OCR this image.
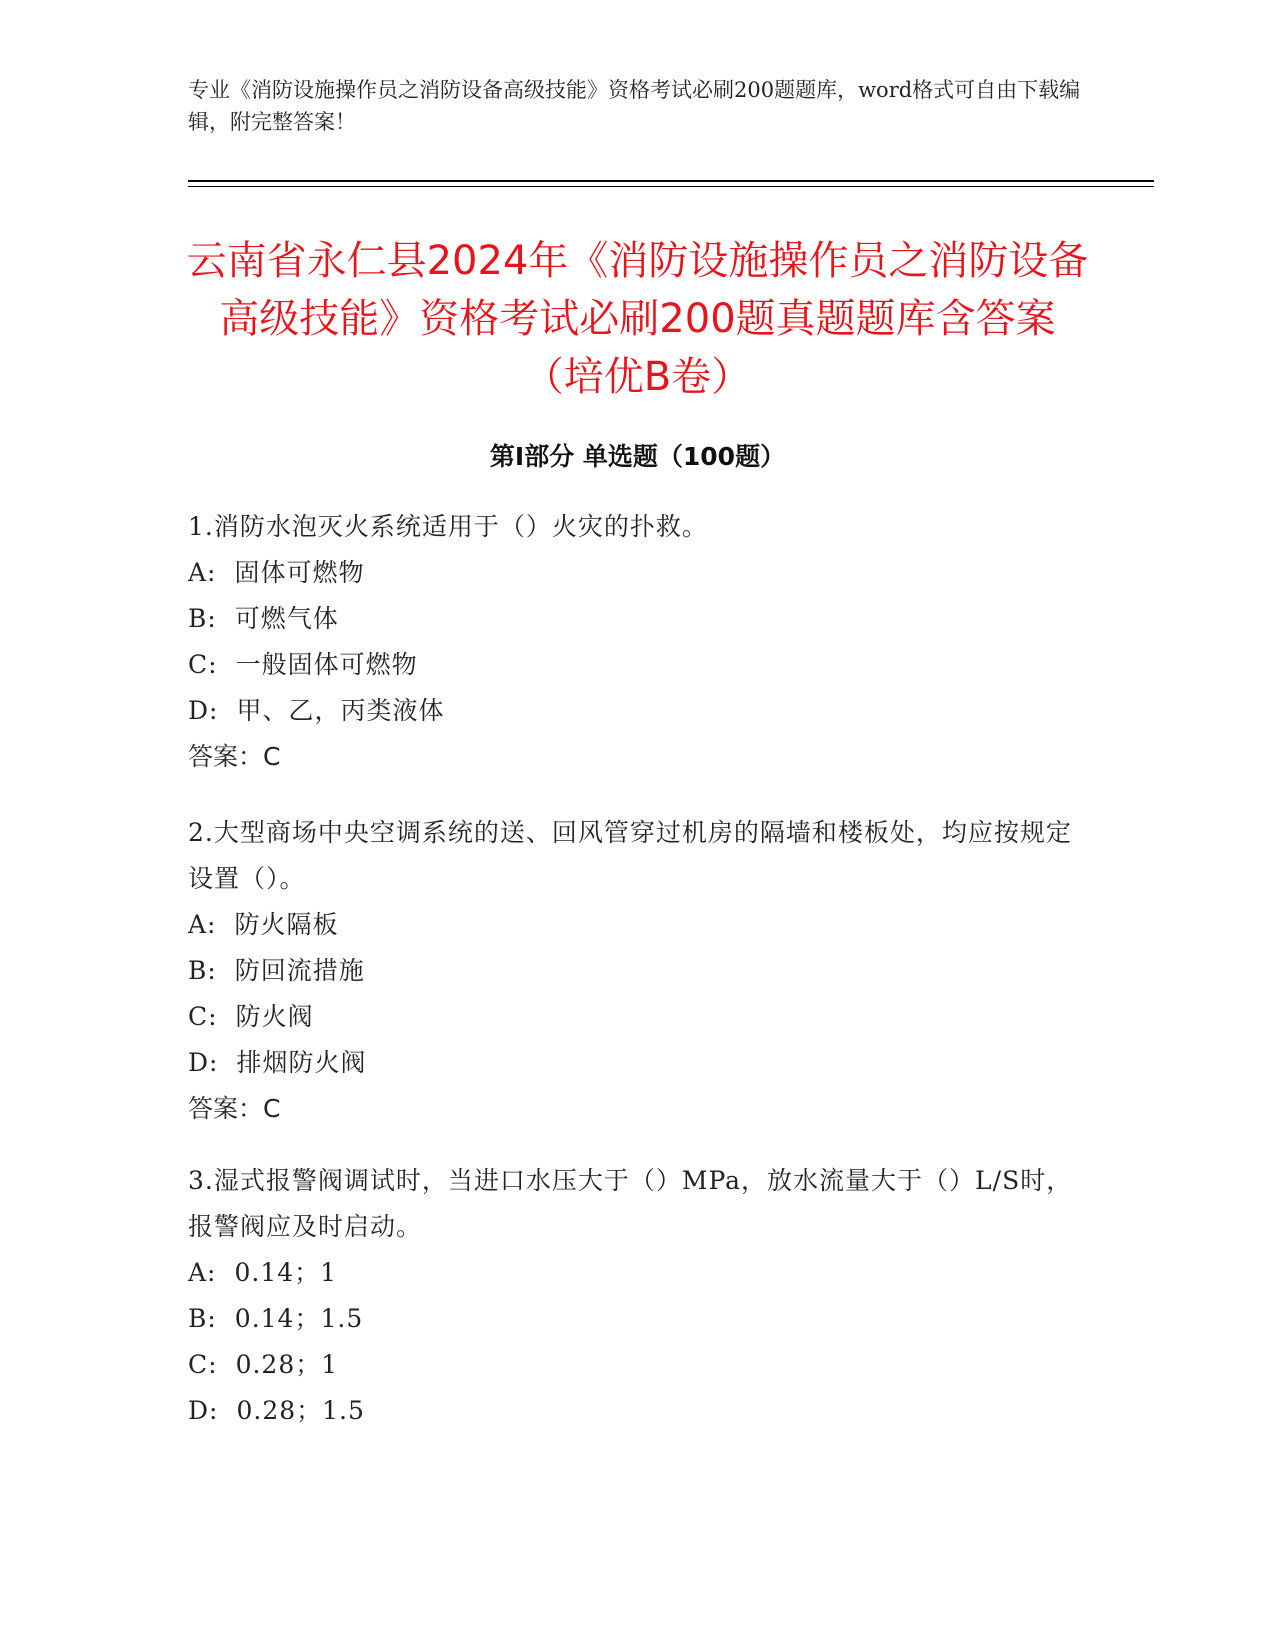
专业《消防设施操作员之消防设备高级技能》资格考试必刷200题题库，word格式可自由下载编辑，附完整答案！
云南省永仁县2024年《消防设施操作员之消防设备高级技能》资格考试必刷200题真题题库含答案（培优B卷）
第Ⅰ部分 单选题（100题）
1.消防水泡灭火系统适用于（）火灾的扑救。
A: 固体可燃物
B: 可燃气体
C: 一般固体可燃物
D: 甲、乙，丙类液体
答案：C
2.大型商场中央空调系统的送、回风管穿过机房的隔墙和楼板处，均应按规定设置（）。
A: 防火隔板
B: 防回流措施
C: 防火阀
D: 排烟防火阀
答案：C
3.湿式报警阀调试时，当进口水压大于（）MPa，放水流量大于（）L/S时，报警阀应及时启动。
A: 0.14；1
B: 0.14；1.5
C: 0.28；1
D: 0.28；1.5
